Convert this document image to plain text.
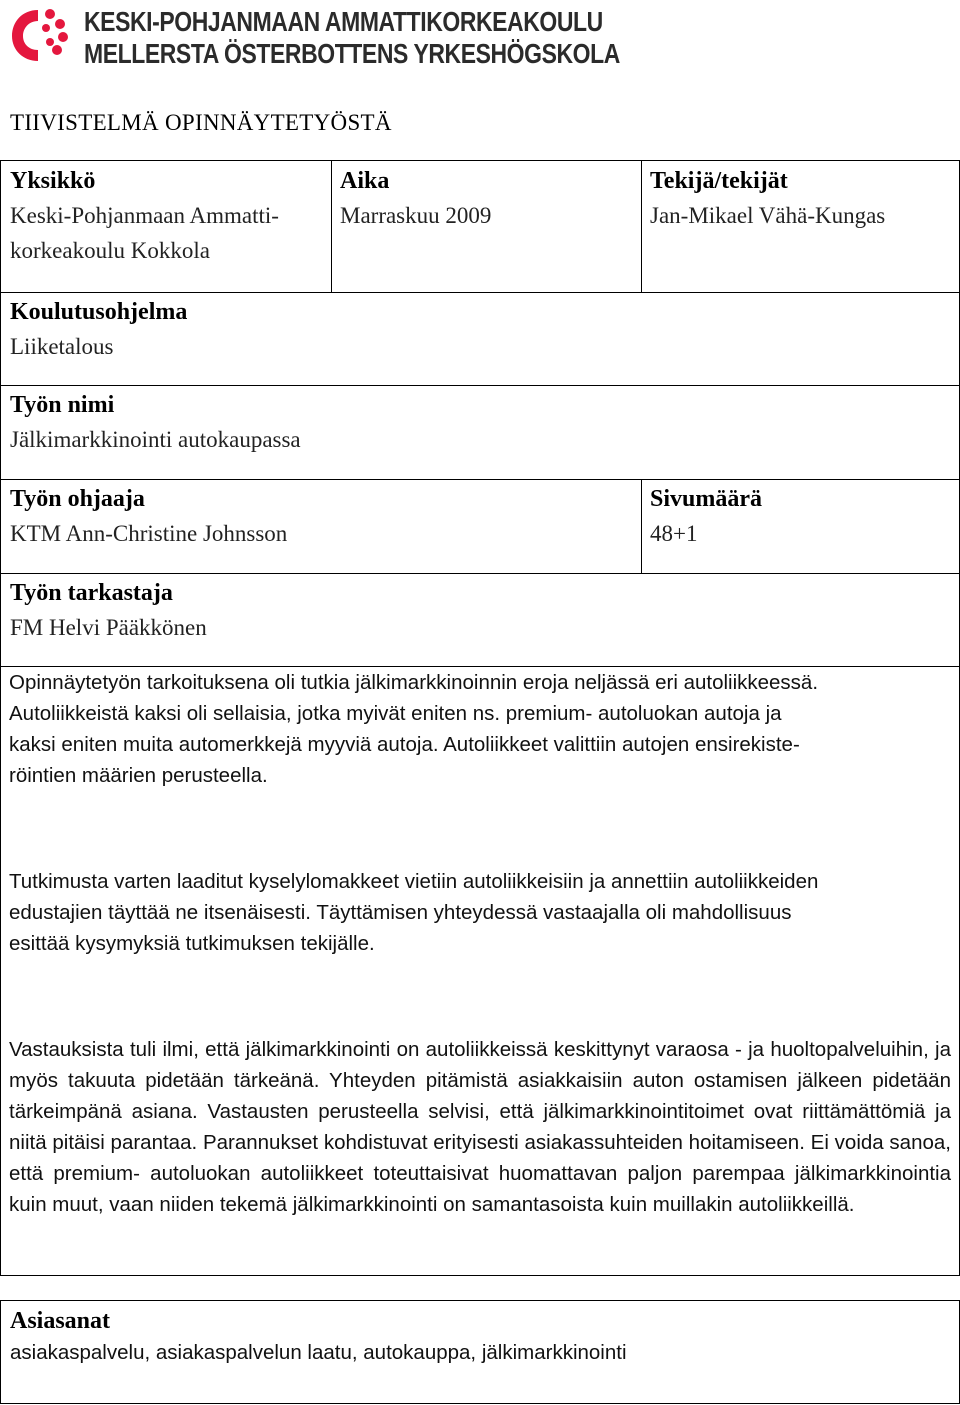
KESKI-POHJANMAAN AMMATTIKORKEAKOULU
MELLERSTA ÖSTERBOTTENS YRKESHÖGSKOLA
TIIVISTELMÄ OPINNÄYTETYÖSTÄ
Yksikkö
Keski-Pohjanmaan Ammatti-
korkeakoulu Kokkola
Aika
Marraskuu 2009
Tekijä/tekijät
Jan-Mikael Vähä-Kungas
Koulutusohjelma
Liiketalous
Työn nimi
Jälkimarkkinointi autokaupassa
Työn ohjaaja
KTM Ann-Christine Johnsson
Sivumäärä
48+1
Työn tarkastaja
FM Helvi Pääkkönen
Opinnäytetyön tarkoituksena oli tutkia jälkimarkkinoinnin eroja neljässä eri autoliikkeessä.
Autoliikkeistä kaksi oli sellaisia, jotka myivät eniten ns. premium- autoluokan autoja ja
kaksi eniten muita automerkkejä myyviä autoja. Autoliikkeet valittiin autojen ensirekiste-
röintien määrien perusteella.
Tutkimusta varten laaditut kyselylomakkeet vietiin autoliikkeisiin ja annettiin autoliikkeiden
edustajien täyttää ne itsenäisesti. Täyttämisen yhteydessä vastaajalla oli mahdollisuus
esittää kysymyksiä tutkimuksen tekijälle.
Vastauksista tuli ilmi, että jälkimarkkinointi on autoliikkeissä keskittynyt varaosa - ja huoltopalveluihin, ja myös takuuta pidetään tärkeänä. Yhteyden pitämistä asiakkaisiin auton ostamisen jälkeen pidetään tärkeimpänä asiana. Vastausten perusteella selvisi, että jälkimarkkinointitoimet ovat riittämättömiä ja niitä pitäisi parantaa. Parannukset kohdistuvat erityisesti asiakassuhteiden hoitamiseen. Ei voida sanoa, että premium- autoluokan autoliikkeet toteuttaisivat huomattavan paljon parempaa jälkimarkkinointia kuin muut, vaan niiden tekemä jälkimarkkinointi on samantasoista kuin muillakin autoliikkeillä.
Asiasanat
asiakaspalvelu, asiakaspalvelun laatu, autokauppa, jälkimarkkinointi
